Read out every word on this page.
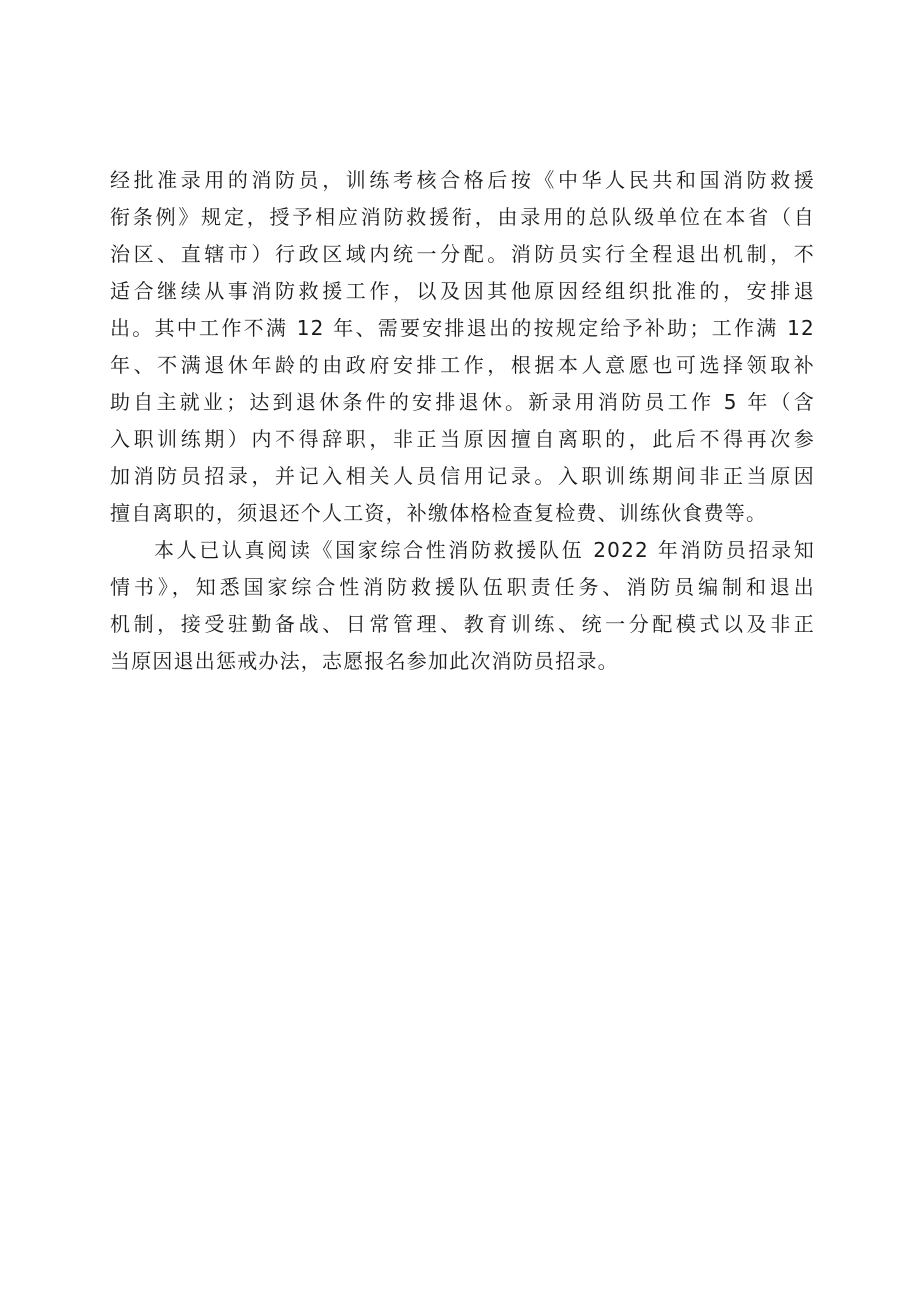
经批准录用的消防员，训练考核合格后按《中华人民共和国消防救援
衔条例》规定，授予相应消防救援衔，由录用的总队级单位在本省（自
治区、直辖市）行政区域内统一分配。消防员实行全程退出机制，不
适合继续从事消防救援工作，以及因其他原因经组织批准的，安排退
出。其中工作不满 12 年、需要安排退出的按规定给予补助；工作满 12
年、不满退休年龄的由政府安排工作，根据本人意愿也可选择领取补
助自主就业；达到退休条件的安排退休。新录用消防员工作 5 年（含
入职训练期）内不得辞职，非正当原因擅自离职的，此后不得再次参
加消防员招录，并记入相关人员信用记录。入职训练期间非正当原因
擅自离职的，须退还个人工资，补缴体格检查复检费、训练伙食费等。
本人已认真阅读《国家综合性消防救援队伍 2022 年消防员招录知
情书》，知悉国家综合性消防救援队伍职责任务、消防员编制和退出
机制，接受驻勤备战、日常管理、教育训练、统一分配模式以及非正
当原因退出惩戒办法，志愿报名参加此次消防员招录。
